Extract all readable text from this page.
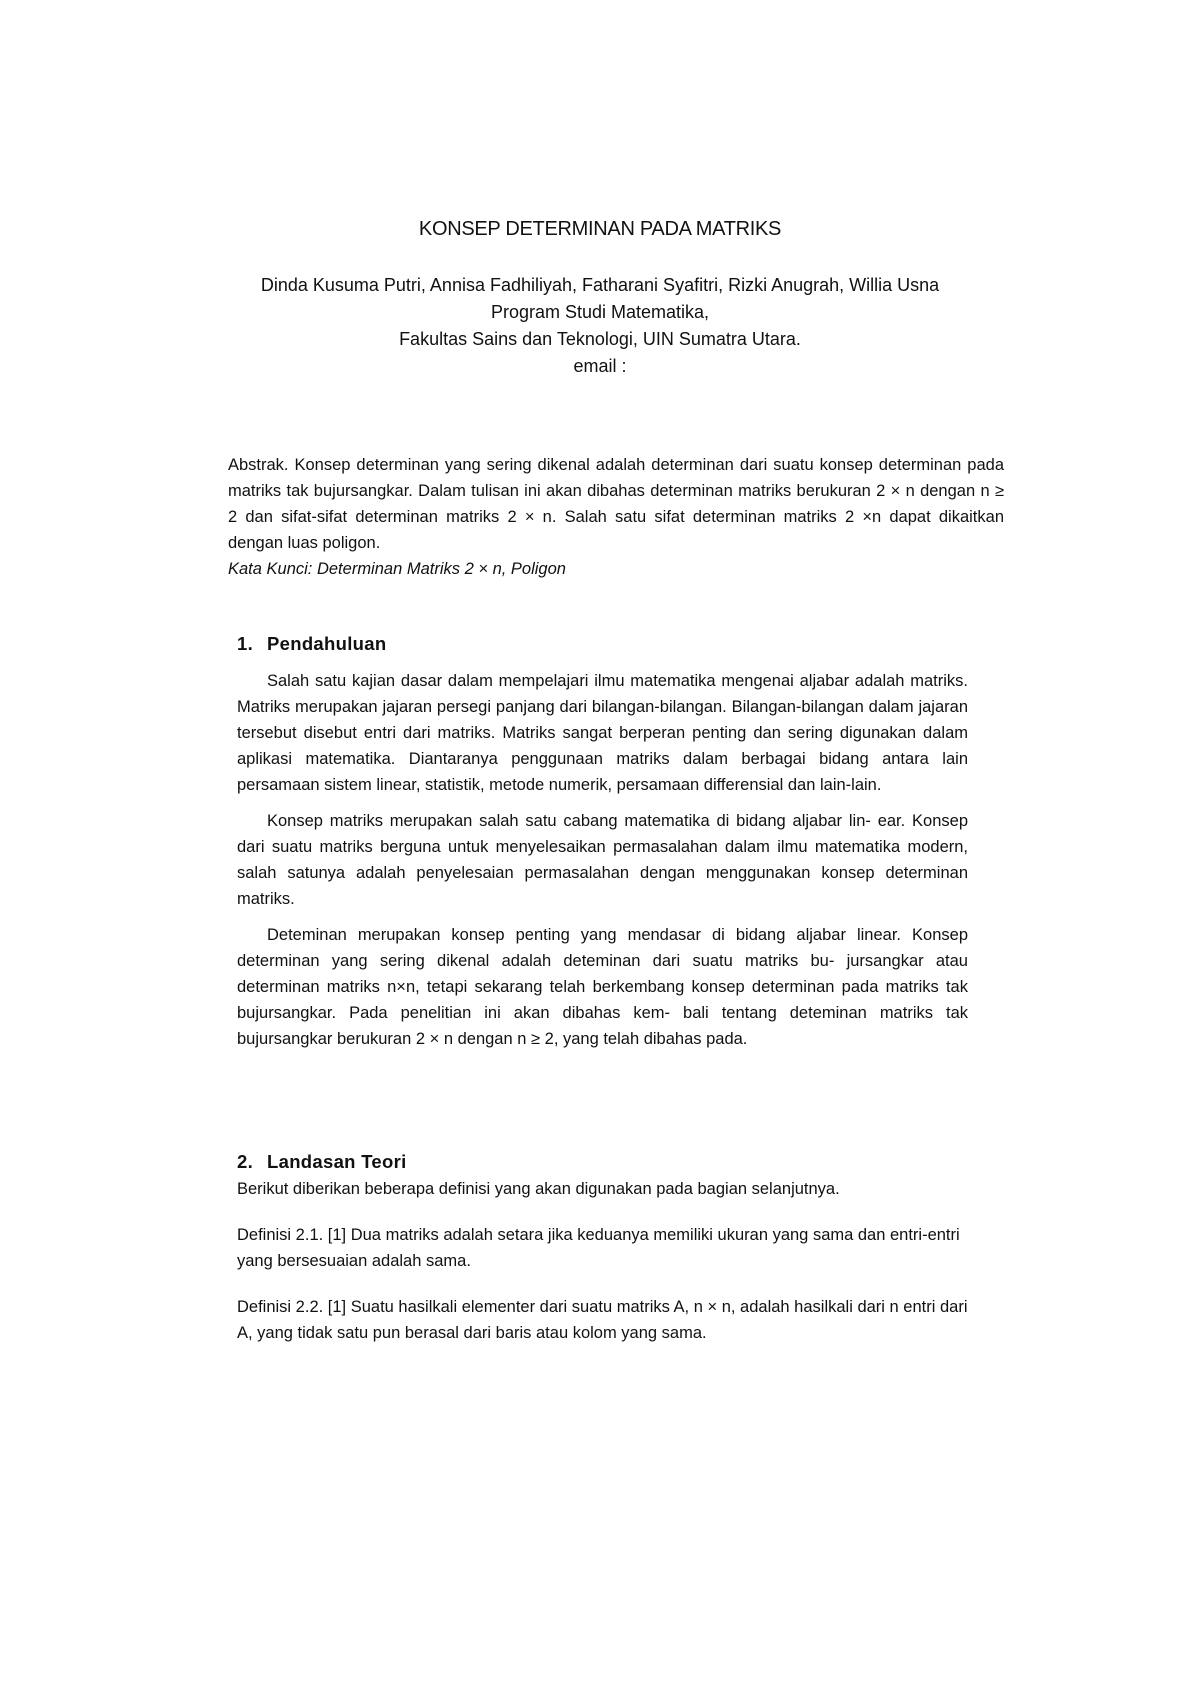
KONSEP DETERMINAN PADA MATRIKS
Dinda Kusuma Putri, Annisa Fadhiliyah, Fatharani Syafitri, Rizki Anugrah, Willia Usna
Program Studi Matematika,
Fakultas Sains dan Teknologi, UIN Sumatra Utara.
email :
Abstrak. Konsep determinan yang sering dikenal adalah determinan dari suatu konsep determinan pada matriks tak bujursangkar. Dalam tulisan ini akan dibahas determinan matriks berukuran 2 × n dengan n ≥ 2 dan sifat-sifat determinan matriks 2 × n. Salah satu sifat determinan matriks 2 ×n dapat dikaitkan dengan luas poligon.
Kata Kunci: Determinan Matriks 2 × n, Poligon
1. Pendahuluan

Salah satu kajian dasar dalam mempelajari ilmu matematika mengenai aljabar adalah matriks. Matriks merupakan jajaran persegi panjang dari bilangan-bilangan. Bilangan-bilangan dalam jajaran tersebut disebut entri dari matriks. Matriks sangat berperan penting dan sering digunakan dalam aplikasi matematika. Diantaranya penggunaan matriks dalam berbagai bidang antara lain persamaan sistem linear, statistik, metode numerik, persamaan differensial dan lain-lain.

Konsep matriks merupakan salah satu cabang matematika di bidang aljabar lin- ear. Konsep dari suatu matriks berguna untuk menyelesaikan permasalahan dalam ilmu matematika modern, salah satunya adalah penyelesaian permasalahan dengan menggunakan konsep determinan matriks.

Deteminan merupakan konsep penting yang mendasar di bidang aljabar linear. Konsep determinan yang sering dikenal adalah deteminan dari suatu matriks bu- jursangkar atau determinan matriks n×n, tetapi sekarang telah berkembang konsep determinan pada matriks tak bujursangkar. Pada penelitian ini akan dibahas kem- bali tentang deteminan matriks tak bujursangkar berukuran 2 × n dengan n ≥ 2, yang telah dibahas pada.

2. Landasan Teori

Berikut diberikan beberapa definisi yang akan digunakan pada bagian selanjutnya.

Definisi 2.1. [1] Dua matriks adalah setara jika keduanya memiliki ukuran yang sama dan entri-entri yang bersesuaian adalah sama.

Definisi 2.2. [1] Suatu hasilkali elementer dari suatu matriks A, n × n, adalah hasilkali dari n entri dari A, yang tidak satu pun berasal dari baris atau kolom yang sama.
